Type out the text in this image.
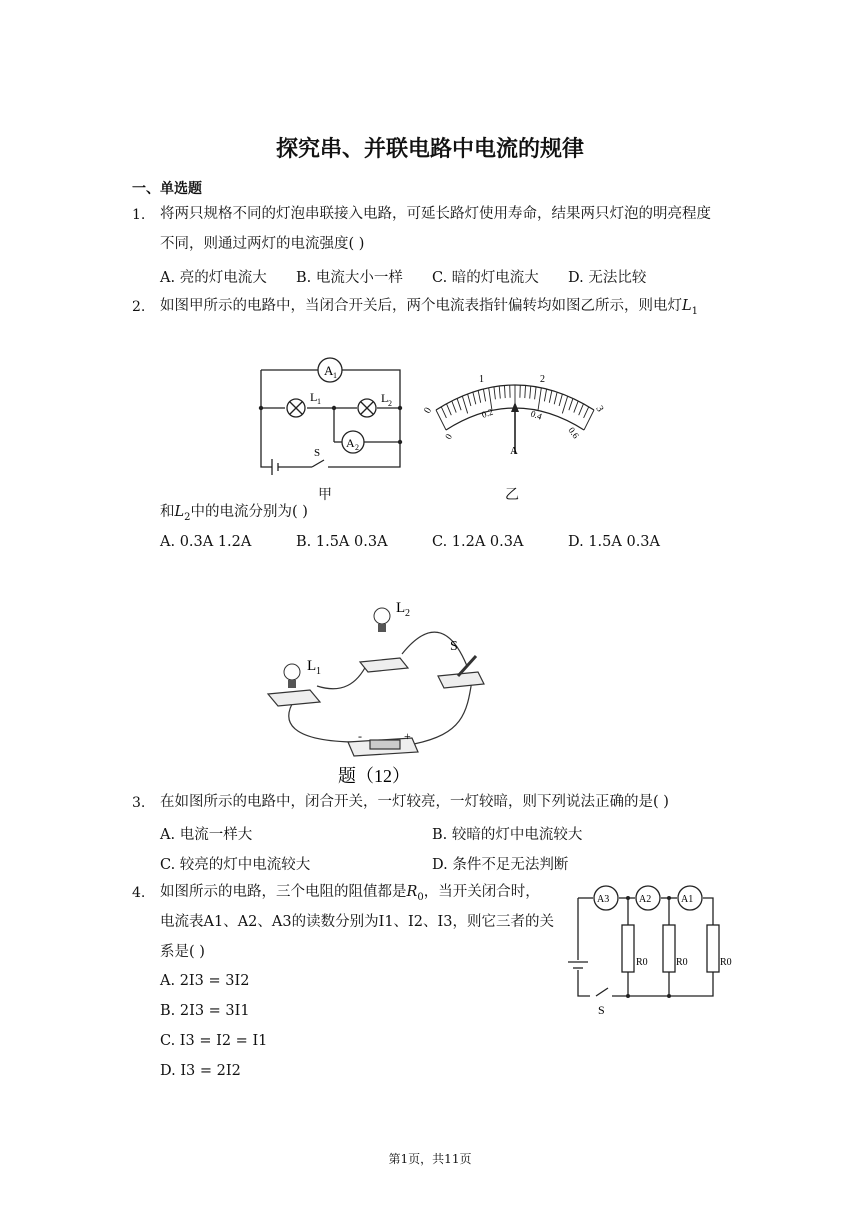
探究串、并联电路中电流的规律
一、单选题
1. 将两只规格不同的灯泡串联接入电路，可延长路灯使用寿命，结果两只灯泡的明亮程度
不同，则通过两灯的电流强度( )
A. 亮的灯电流大 B. 电流大小一样 C. 暗的灯电流大 D. 无法比较
2. 如图甲所示的电路中，当闭合开关后，两个电流表指针偏转均如图乙所示，则电灯$L_1$
A 1
A 2
L 1	L 2
S
甲
0
1	2
3
0
0.2	0.4
0.6
A
乙
和$L_2$中的电流分别为( )
A. 0.3A 1.2A	B. 1.5A 0.3A	C. 1.2A 0.3A	D. 1.5A 0.3A
L 1
L 2
S
-	+
题（12）
3. 在如图所示的电路中，闭合开关，一灯较亮，一灯较暗，则下列说法正确的是( )
A. 电流一样大	B. 较暗的灯中电流较大
C. 较亮的灯中电流较大	D. 条件不足无法判断
4. 如图所示的电路，三个电阻的阻值都是$R_0$，当开关闭合时，
电流表A1、A2、A3的读数分别为I1、I2、I3，则它三者的关
系是( )
A. 2I3 = 3I2
B. 2I3 = 3I1
C. I3 = I2 = I1
D. I3 = 2I2
A3	A2	A1
R0	R0	R0
S
第1页，共11页
